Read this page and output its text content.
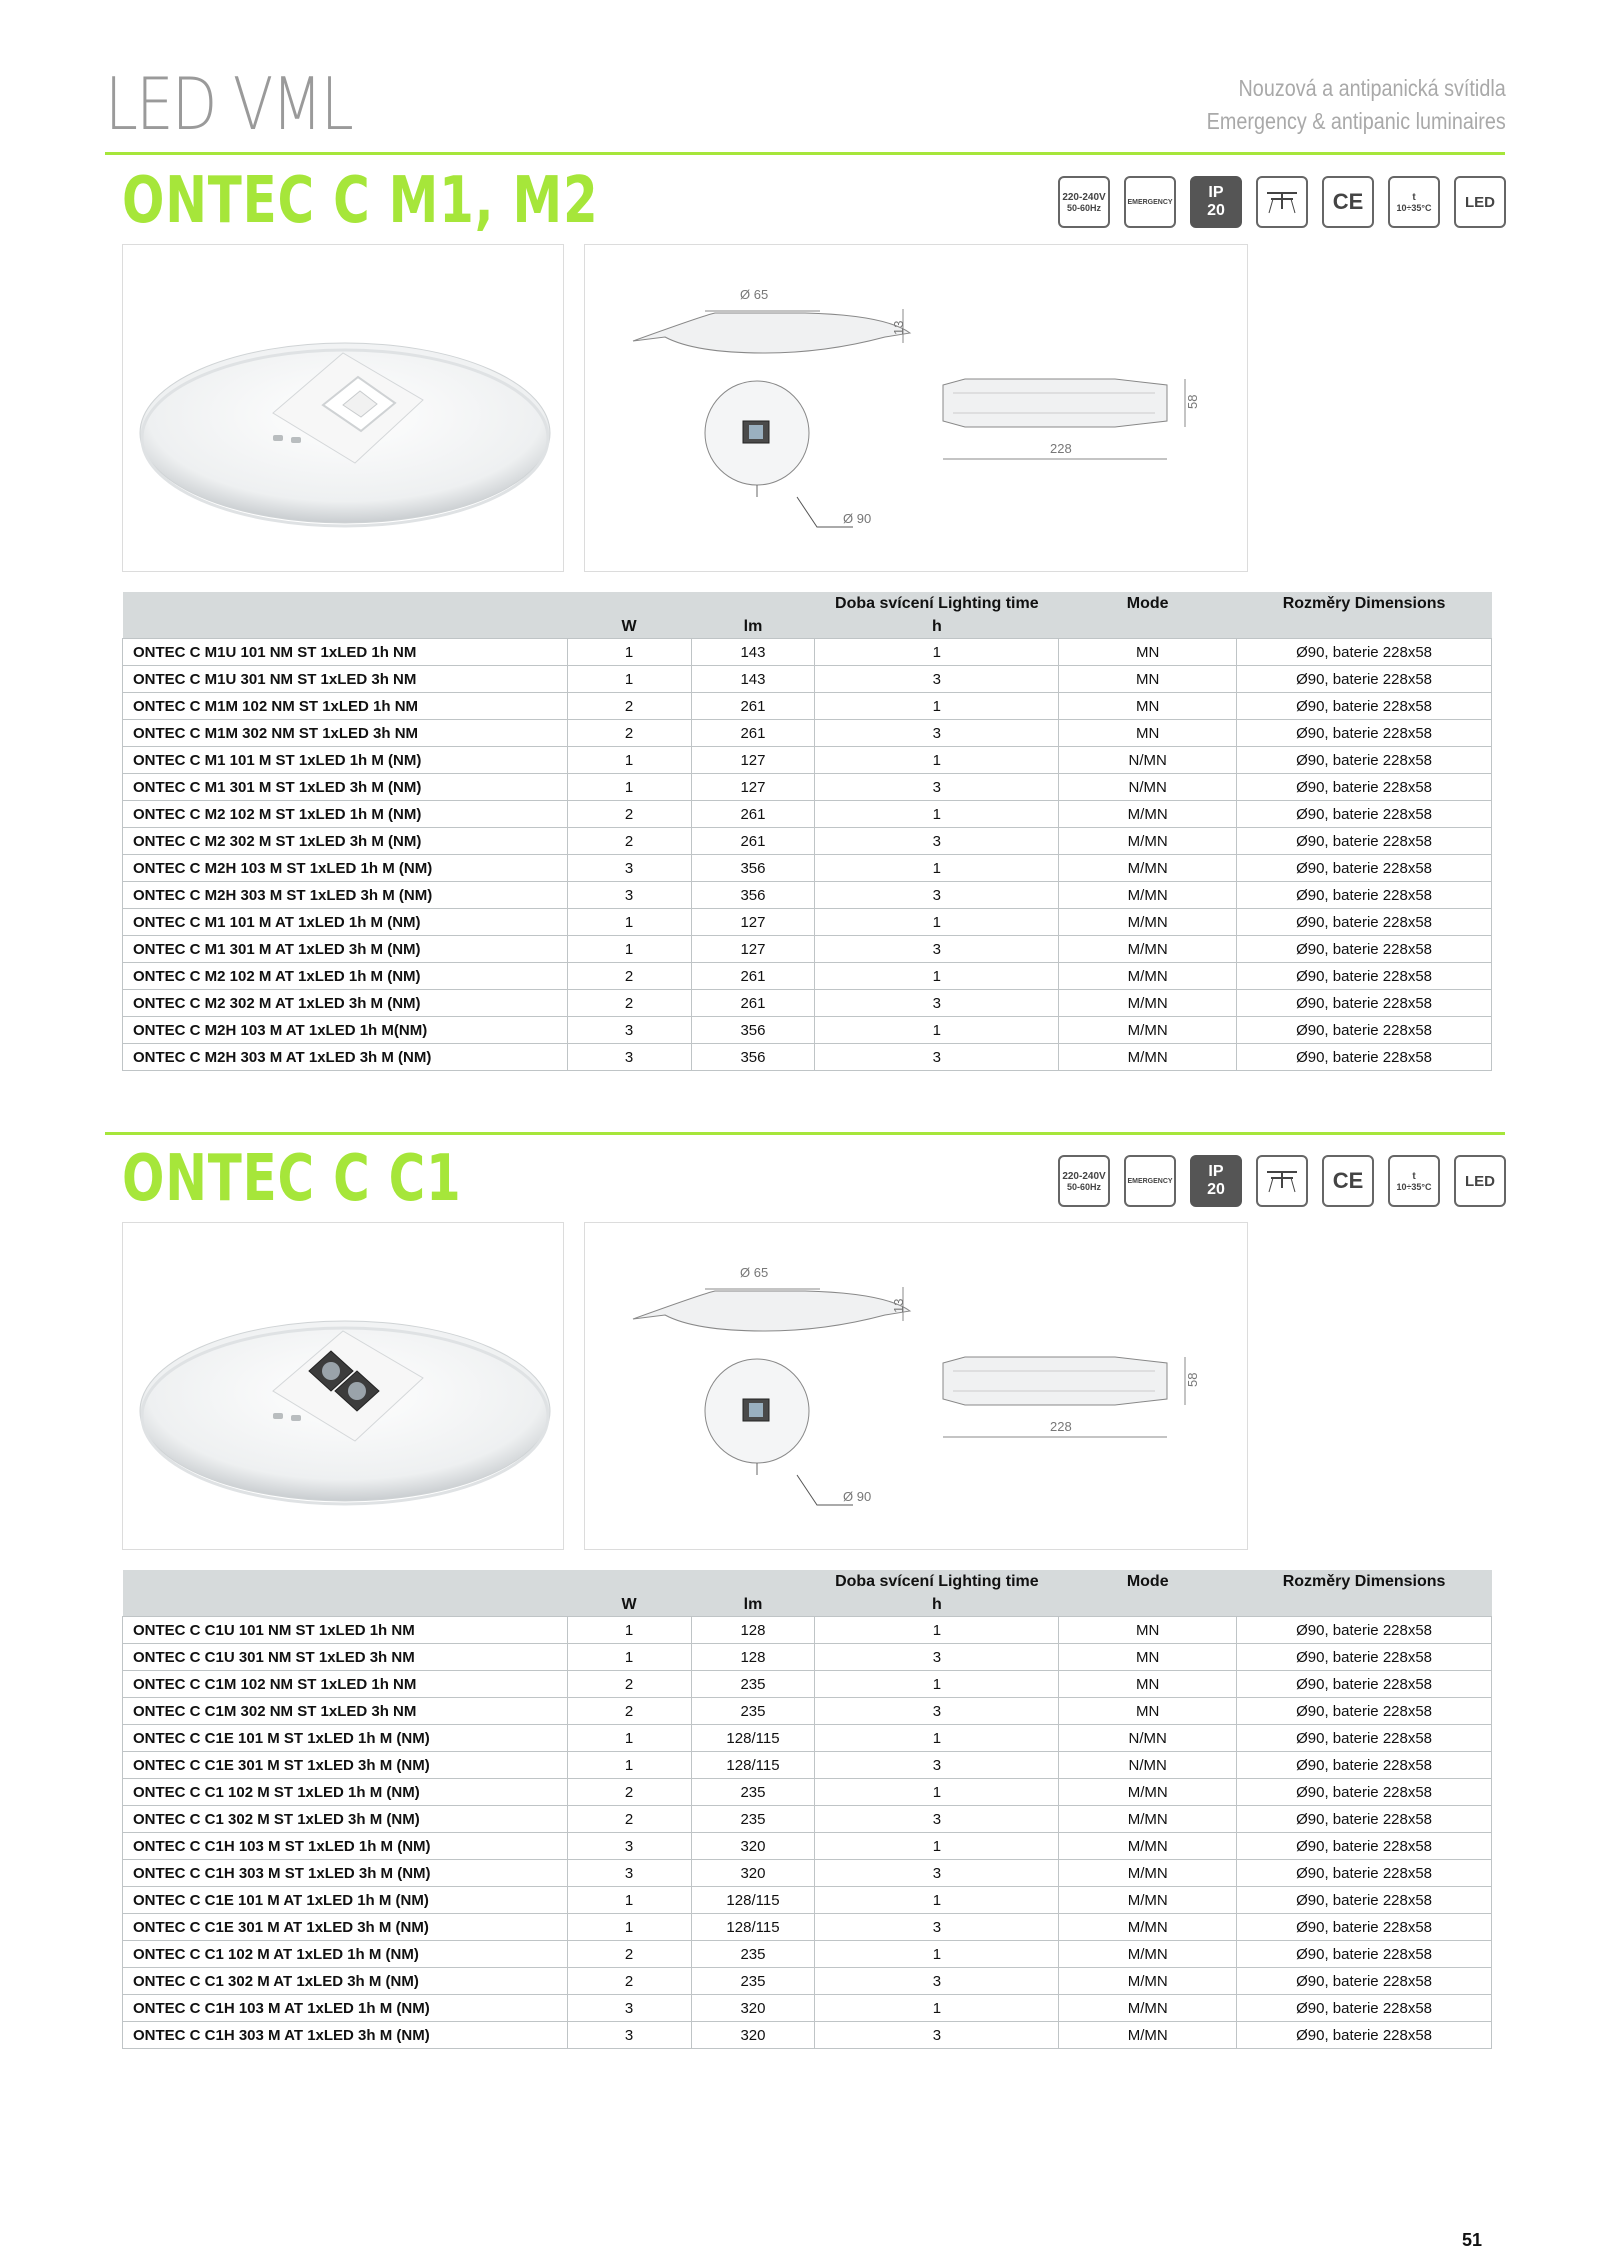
LED VML	Nouzová a antipanická svítidla
Emergency & antipanic luminaires
ONTEC C M1, M2	220-240V
50-60Hz
EMERGENCY
IP
20	CE	t
10÷35°C LED
Ø 65
13
Ø 90
228
58
			Doba svícení Lighting time	Mode	Rozměry Dimensions
	W	lm	h		
ONTEC C M1U 101 NM ST 1xLED 1h NM	1	143	1	MN	Ø90, baterie 228x58
ONTEC C M1U 301 NM ST 1xLED 3h NM	1	143	3	MN	Ø90, baterie 228x58
ONTEC C M1M 102 NM ST 1xLED 1h NM	2	261	1	MN	Ø90, baterie 228x58
ONTEC C M1M 302 NM ST 1xLED 3h NM	2	261	3	MN	Ø90, baterie 228x58
ONTEC C M1 101 M ST 1xLED 1h M (NM)	1	127	1	N/MN	Ø90, baterie 228x58
ONTEC C M1 301 M ST 1xLED 3h M (NM)	1	127	3	N/MN	Ø90, baterie 228x58
ONTEC C M2 102 M ST 1xLED 1h M (NM)	2	261	1	M/MN	Ø90, baterie 228x58
ONTEC C M2 302 M ST 1xLED 3h M (NM)	2	261	3	M/MN	Ø90, baterie 228x58
ONTEC C M2H 103 M ST 1xLED 1h M (NM)	3	356	1	M/MN	Ø90, baterie 228x58
ONTEC C M2H 303 M ST 1xLED 3h M (NM)	3	356	3	M/MN	Ø90, baterie 228x58
ONTEC C M1 101 M AT 1xLED 1h M (NM)	1	127	1	M/MN	Ø90, baterie 228x58
ONTEC C M1 301 M AT 1xLED 3h M (NM)	1	127	3	M/MN	Ø90, baterie 228x58
ONTEC C M2 102 M AT 1xLED 1h M (NM)	2	261	1	M/MN	Ø90, baterie 228x58
ONTEC C M2 302 M AT 1xLED 3h M (NM)	2	261	3	M/MN	Ø90, baterie 228x58
ONTEC C M2H 103 M AT 1xLED 1h M(NM)	3	356	1	M/MN	Ø90, baterie 228x58
ONTEC C M2H 303 M AT 1xLED 3h M (NM)	3	356	3	M/MN	Ø90, baterie 228x58
ONTEC C C1	220-240V
50-60Hz
EMERGENCY
IP
20	CE	t
10÷35°C LED
Ø 65
13
Ø 90
228
58
			Doba svícení Lighting time	Mode	Rozměry Dimensions
	W	lm	h		
ONTEC C C1U 101 NM ST 1xLED 1h NM	1	128	1	MN	Ø90, baterie 228x58
ONTEC C C1U 301 NM ST 1xLED 3h NM	1	128	3	MN	Ø90, baterie 228x58
ONTEC C C1M 102 NM ST 1xLED 1h NM	2	235	1	MN	Ø90, baterie 228x58
ONTEC C C1M 302 NM ST 1xLED 3h NM	2	235	3	MN	Ø90, baterie 228x58
ONTEC C C1E 101 M ST 1xLED 1h M (NM)	1	128/115	1	N/MN	Ø90, baterie 228x58
ONTEC C C1E 301 M ST 1xLED 3h M (NM)	1	128/115	3	N/MN	Ø90, baterie 228x58
ONTEC C C1 102 M ST 1xLED 1h M (NM)	2	235	1	M/MN	Ø90, baterie 228x58
ONTEC C C1 302 M ST 1xLED 3h M (NM)	2	235	3	M/MN	Ø90, baterie 228x58
ONTEC C C1H 103 M ST 1xLED 1h M (NM)	3	320	1	M/MN	Ø90, baterie 228x58
ONTEC C C1H 303 M ST 1xLED 3h M (NM)	3	320	3	M/MN	Ø90, baterie 228x58
ONTEC C C1E 101 M AT 1xLED 1h M (NM)	1	128/115	1	M/MN	Ø90, baterie 228x58
ONTEC C C1E 301 M AT 1xLED 3h M (NM)	1	128/115	3	M/MN	Ø90, baterie 228x58
ONTEC C C1 102 M AT 1xLED 1h M (NM)	2	235	1	M/MN	Ø90, baterie 228x58
ONTEC C C1 302 M AT 1xLED 3h M (NM)	2	235	3	M/MN	Ø90, baterie 228x58
ONTEC C C1H 103 M AT 1xLED 1h M (NM)	3	320	1	M/MN	Ø90, baterie 228x58
ONTEC C C1H 303 M AT 1xLED 3h M (NM)	3	320	3	M/MN	Ø90, baterie 228x58
51
